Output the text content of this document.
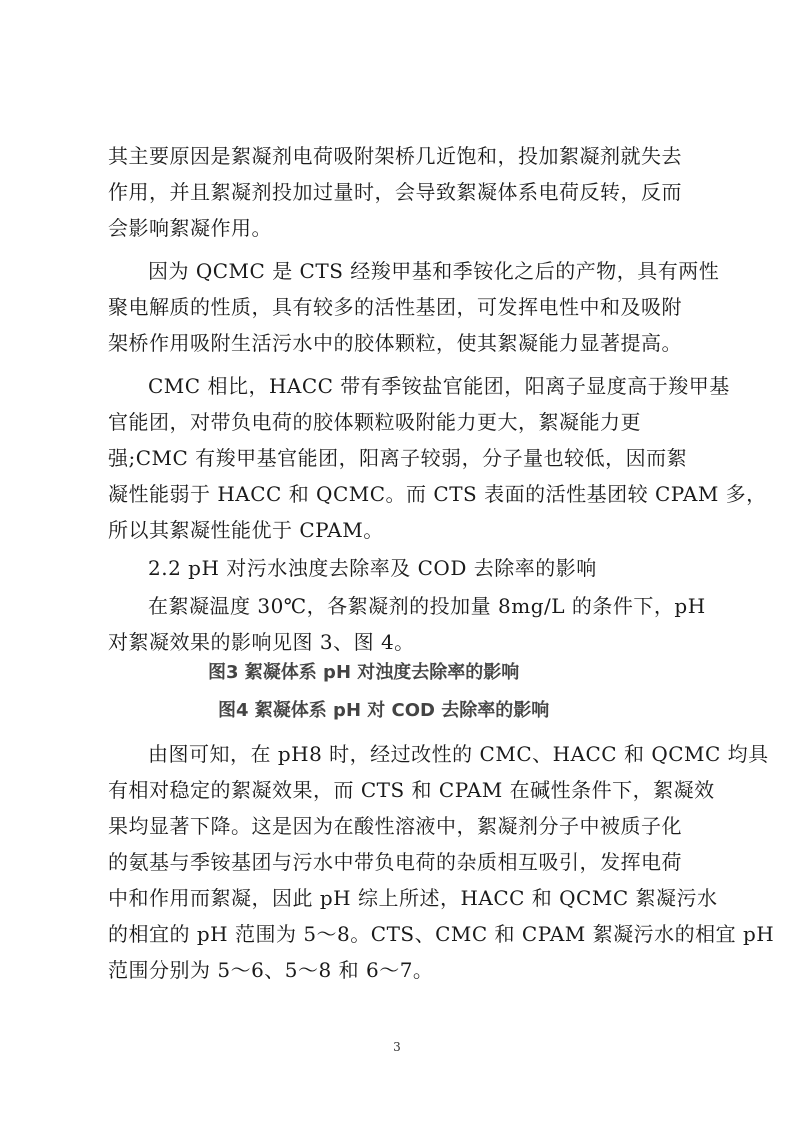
其主要原因是絮凝剂电荷吸附架桥几近饱和，投加絮凝剂就失去
作用，并且絮凝剂投加过量时，会导致絮凝体系电荷反转，反而
会影响絮凝作用。
因为 QCMC 是 CTS 经羧甲基和季铵化之后的产物，具有两性
聚电解质的性质，具有较多的活性基团，可发挥电性中和及吸附
架桥作用吸附生活污水中的胶体颗粒，使其絮凝能力显著提高。
CMC 相比，HACC 带有季铵盐官能团，阳离子显度高于羧甲基
官能团，对带负电荷的胶体颗粒吸附能力更大，絮凝能力更
强;CMC 有羧甲基官能团，阳离子较弱，分子量也较低，因而絮
凝性能弱于 HACC 和 QCMC。而 CTS 表面的活性基团较 CPAM 多，
所以其絮凝性能优于 CPAM。
2.2 pH 对污水浊度去除率及 COD 去除率的影响
在絮凝温度 30℃，各絮凝剂的投加量 8mg/L 的条件下，pH
对絮凝效果的影响见图 3、图 4。
图3 絮凝体系 pH 对浊度去除率的影响
图4 絮凝体系 pH 对 COD 去除率的影响
由图可知，在 pH8 时，经过改性的 CMC、HACC 和 QCMC 均具
有相对稳定的絮凝效果，而 CTS 和 CPAM 在碱性条件下，絮凝效
果均显著下降。这是因为在酸性溶液中，絮凝剂分子中被质子化
的氨基与季铵基团与污水中带负电荷的杂质相互吸引，发挥电荷
中和作用而絮凝，因此 pH 综上所述，HACC 和 QCMC 絮凝污水
的相宜的 pH 范围为 5～8。CTS、CMC 和 CPAM 絮凝污水的相宜 pH
范围分别为 5～6、5～8 和 6～7。
3
